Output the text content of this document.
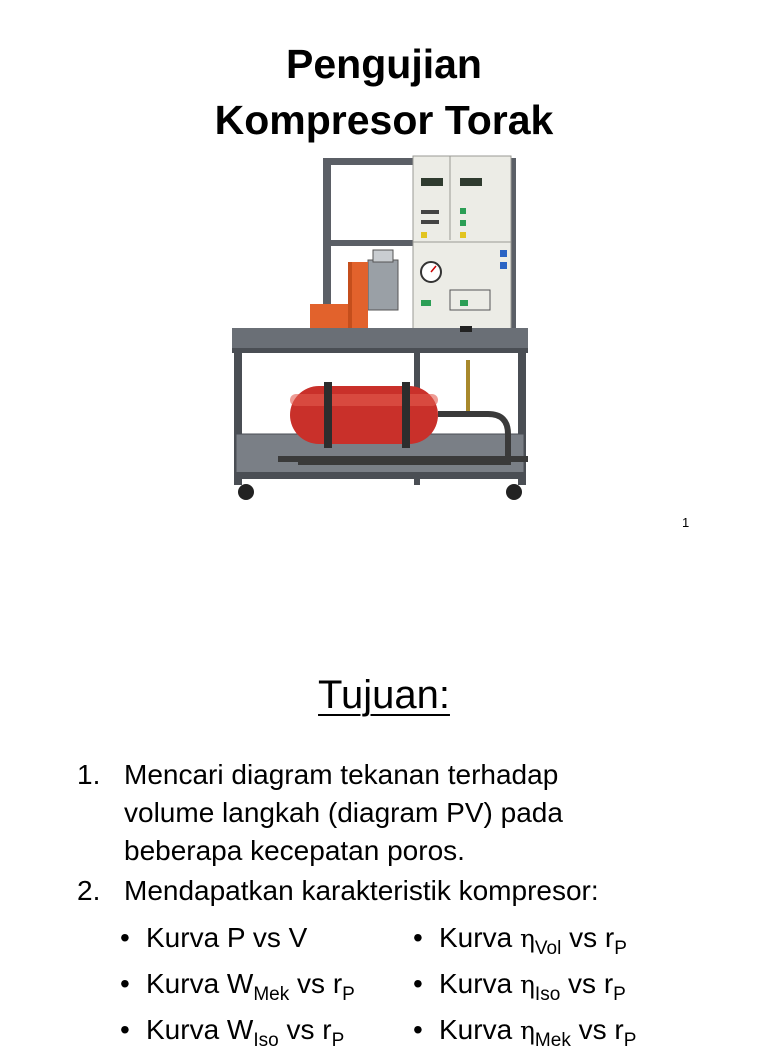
Pengujian
Kompresor Torak
1
Tujuan:
1. Mencari diagram tekanan terhadap
volume langkah (diagram PV) pada
beberapa kecepatan poros.
2. Mendapatkan karakteristik kompresor:
• Kurva P vs V
• Kurva $W_{Mek}$ vs $r_P$
• Kurva $W_{Iso}$ vs $r_P$
• Kurva $\eta_{Vol}$ vs $r_P$
• Kurva $\eta_{Iso}$ vs $r_P$
• Kurva $\eta_{Mek}$ vs $r_P$
